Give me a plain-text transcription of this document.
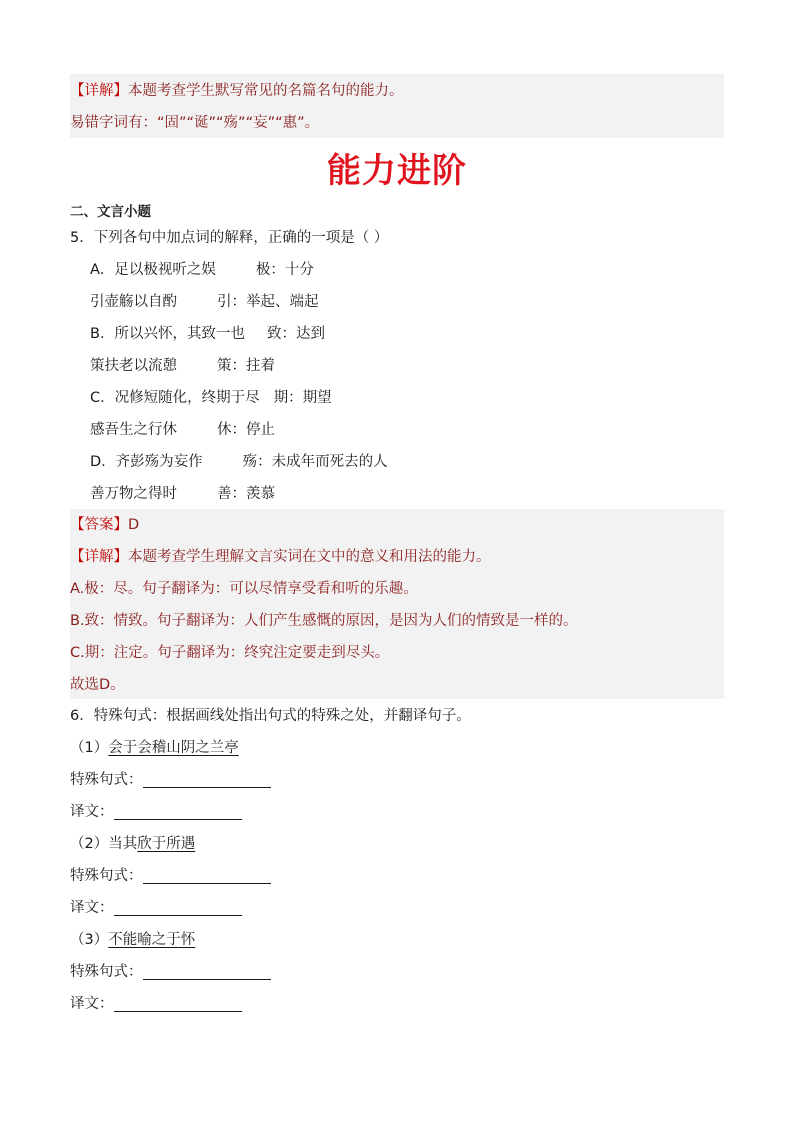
【详解】本题考查学生默写常见的名篇名句的能力。
易错字词有：“固”“诞”“殇”“妄”“惠”。
能力进阶
二、文言小题
5．下列各句中加点词的解释，正确的一项是（ ）
A．足以极视听之娱	极：十分
引壶觞以自酌	引：举起、端起
B．所以兴怀，其致一也 致：达到
策扶老以流憩	策：拄着
C．况修短随化，终期于尽 期：期望
感吾生之行休	休：停止
D．齐彭殇为妄作	殇：未成年而死去的人
善万物之得时	善：羡慕
【答案】D
【详解】本题考查学生理解文言实词在文中的意义和用法的能力。
A.极：尽。句子翻译为：可以尽情享受看和听的乐趣。
B.致：情致。句子翻译为：人们产生感慨的原因，是因为人们的情致是一样的。
C.期：注定。句子翻译为：终究注定要走到尽头。
故选D。
6．特殊句式：根据画线处指出句式的特殊之处，并翻译句子。
（1）会于会稽山阴之兰亭
特殊句式：
译文：
（2）当其欣于所遇
特殊句式：
译文：
（3）不能喻之于怀
特殊句式：
译文：
